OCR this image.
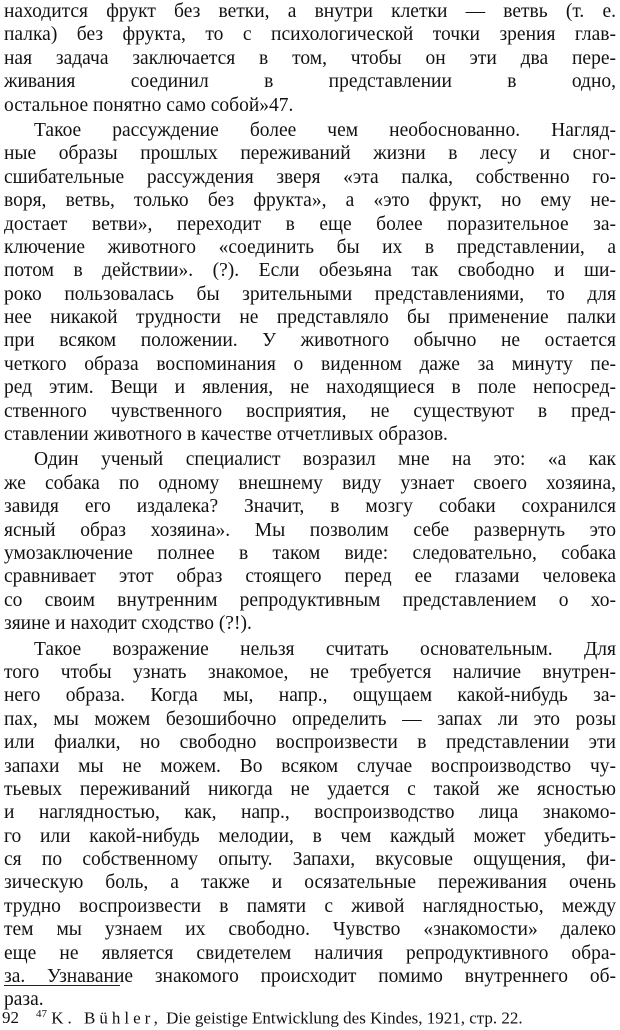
находится фрукт без ветки, а внутри клетки — ветвь (т. е.
палка) без фрукта, то с психологической точки зрения глав-
ная задача заключается в том, чтобы он эти два пере-
живания соединил в представлении в одно,
остальное понятно само собой»47.
Такое рассуждение более чем необоснованно. Нагляд-
ные образы прошлых переживаний жизни в лесу и сног-
сшибательные рассуждения зверя «эта палка, собственно го-
воря, ветвь, только без фрукта», а «это фрукт, но ему не-
достает ветви», переходит в еще более поразительное за-
ключение животного «соединить бы их в представлении, а
потом в действии». (?). Если обезьяна так свободно и ши-
роко пользовалась бы зрительными представлениями, то для
нее никакой трудности не представляло бы применение палки
при всяком положении. У животного обычно не остается
четкого образа воспоминания о виденном даже за минуту пе-
ред этим. Вещи и явления, не находящиеся в поле непосред-
ственного чувственного восприятия, не существуют в пред-
ставлении животного в качестве отчетливых образов.
Один ученый специалист возразил мне на это: «а как
же собака по одному внешнему виду узнает своего хозяина,
завидя его издалека? Значит, в мозгу собаки сохранился
ясный образ хозяина». Мы позволим себе развернуть это
умозаключение полнее в таком виде: следовательно, собака
сравнивает этот образ стоящего перед ее глазами человека
со своим внутренним репродуктивным представлением о хо-
зяине и находит сходство (?!).
Такое возражение нельзя считать основательным. Для
того чтобы узнать знакомое, не требуется наличие внутрен-
него образа. Когда мы, напр., ощущаем какой-нибудь за-
пах, мы можем безошибочно определить — запах ли это розы
или фиалки, но свободно воспроизвести в представлении эти
запахи мы не можем. Во всяком случае воспроизводство чу-
тьевых переживаний никогда не удается с такой же ясностью
и наглядностью, как, напр., воспроизводство лица знакомо-
го или какой-нибудь мелодии, в чем каждый может убедить-
ся по собственному опыту. Запахи, вкусовые ощущения, фи-
зическую боль, а также и осязательные переживания очень
трудно воспроизвести в памяти с живой наглядностью, между
тем мы узнаем их свободно. Чувство «знакомости» далеко
еще не является свидетелем наличия репродуктивного обра-
за. Узнавание знакомого происходит помимо внутреннего об-
раза.
$^{47}$ K. Bühler, Die geistige Entwicklung des Kindes, 1921, стр. 22.
92
